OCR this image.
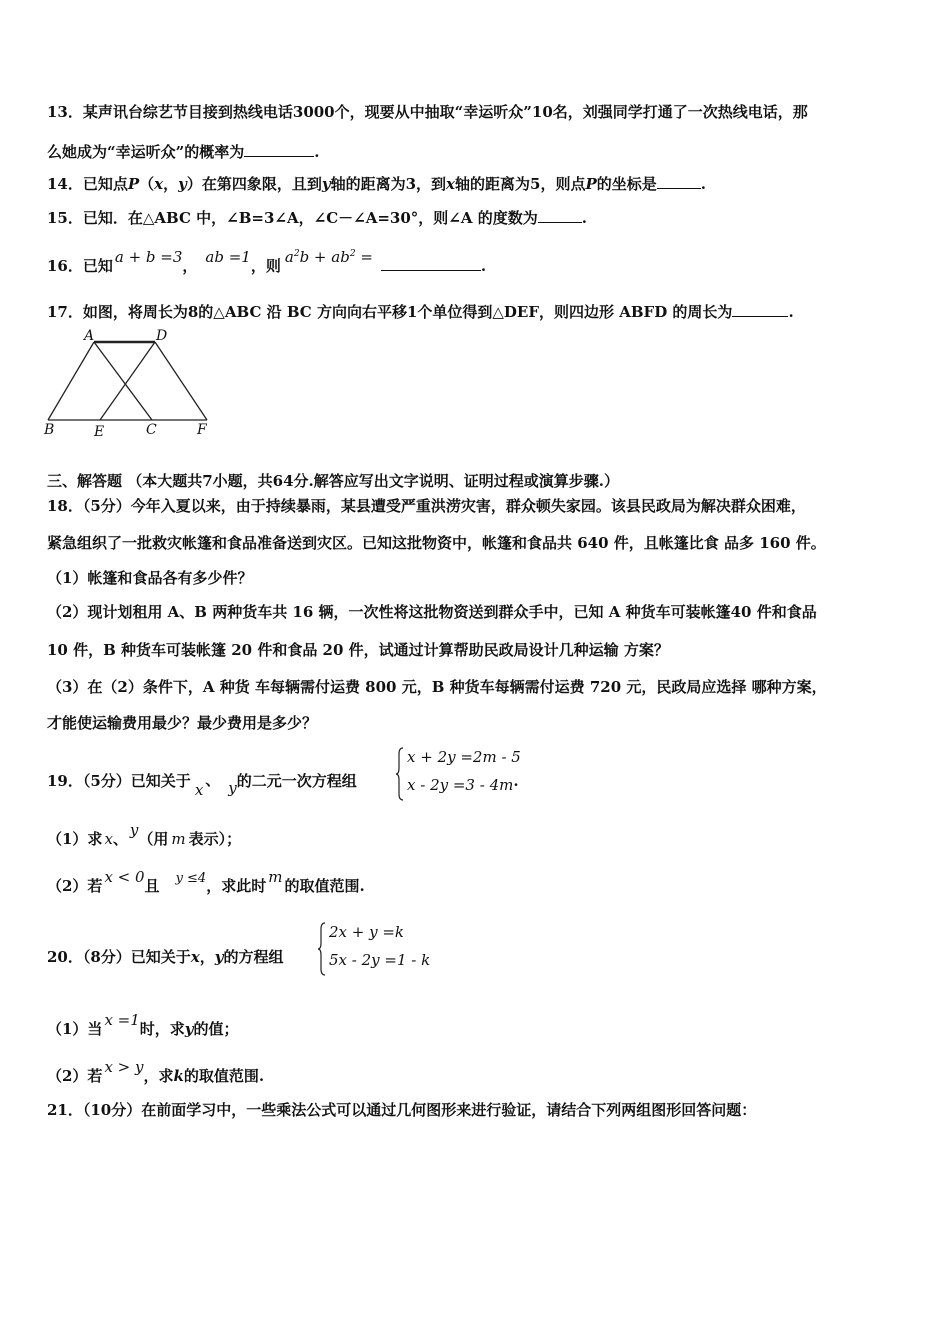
13．某声讯台综艺节目接到热线电话3000个，现要从中抽取“幸运听众”10名，刘强同学打通了一次热线电话，那
么她成为“幸运听众”的概率为	.
14．已知点P（x，y）在第四象限，且到y轴的距离为3，到x轴的距离为5，则点P的坐标是	.
15．已知．在△ABC 中，∠B=3∠A，∠C－∠A=30°，则∠A 的度数为	.
16．已知 a + b =3， ab =1，则 $a^2b + ab^2$ =	.
17．如图，将周长为8的△ABC 沿 BC 方向向右平移1个单位得到△DEF，则四边形 ABFD 的周长为	.
A	D
B	E	C	F
三、解答题 （本大题共7小题，共64分.解答应写出文字说明、证明过程或演算步骤.）
18．（5分）今年入夏以来，由于持续暴雨，某县遭受严重洪涝灾害，群众顿失家园。该县民政局为解决群众困难，
紧急组织了一批救灾帐篷和食品准备送到灾区。已知这批物资中，帐篷和食品共 640 件，且帐篷比食 品多 160 件。
（1）帐篷和食品各有多少件？
（2）现计划租用 A、B 两种货车共 16 辆，一次性将这批物资送到群众手中，已知 A 种货车可装帐篷40 件和食品
10 件，B 种货车可装帐篷 20 件和食品 20 件，试通过计算帮助民政局设计几种运输 方案？
（3）在（2）条件下，A 种货 车每辆需付运费 800 元，B 种货车每辆需付运费 720 元，民政局应选择 哪种方案，
才能使运输费用最少？最少费用是多少？
19．（5分）已知关于 x、 y的二元一次方程组
x + 2y =2m - 5
x - 2y =3 - 4m·
（1）求 x、 y（用 m 表示）；
（2）若 x < 0且 y ≤4，求此时 m 的取值范围.
20．（8分）已知关于x，y的方程组
2x + y =k
5x - 2y =1 - k
（1）当 x =1时，求y的值；
（2）若 x > y，求k的取值范围.
21．（10分）在前面学习中，一些乘法公式可以通过几何图形来进行验证，请结合下列两组图形回答问题：
